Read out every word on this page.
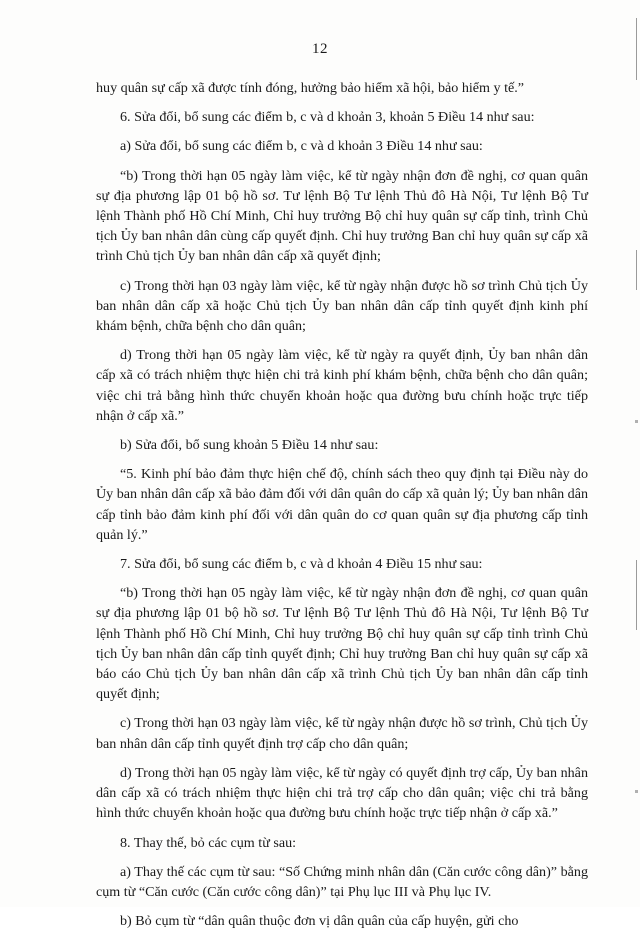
12

huy quân sự cấp xã được tính đóng, hưởng bảo hiểm xã hội, bảo hiểm y tế.”

6. Sửa đổi, bổ sung các điểm b, c và d khoản 3, khoản 5 Điều 14 như sau:

a) Sửa đổi, bổ sung các điểm b, c và d khoản 3 Điều 14 như sau:

“b) Trong thời hạn 05 ngày làm việc, kể từ ngày nhận đơn đề nghị, cơ quan quân sự địa phương lập 01 bộ hồ sơ. Tư lệnh Bộ Tư lệnh Thủ đô Hà Nội, Tư lệnh Bộ Tư lệnh Thành phố Hồ Chí Minh, Chỉ huy trưởng Bộ chỉ huy quân sự cấp tỉnh, trình Chủ tịch Ủy ban nhân dân cùng cấp quyết định. Chỉ huy trưởng Ban chỉ huy quân sự cấp xã trình Chủ tịch Ủy ban nhân dân cấp xã quyết định;

c) Trong thời hạn 03 ngày làm việc, kể từ ngày nhận được hồ sơ trình Chủ tịch Ủy ban nhân dân cấp xã hoặc Chủ tịch Ủy ban nhân dân cấp tỉnh quyết định kinh phí khám bệnh, chữa bệnh cho dân quân;

d) Trong thời hạn 05 ngày làm việc, kể từ ngày ra quyết định, Ủy ban nhân dân cấp xã có trách nhiệm thực hiện chi trả kinh phí khám bệnh, chữa bệnh cho dân quân; việc chi trả bằng hình thức chuyển khoản hoặc qua đường bưu chính hoặc trực tiếp nhận ở cấp xã.”

b) Sửa đổi, bổ sung khoản 5 Điều 14 như sau:

“5. Kinh phí bảo đảm thực hiện chế độ, chính sách theo quy định tại Điều này do Ủy ban nhân dân cấp xã bảo đảm đối với dân quân do cấp xã quản lý; Ủy ban nhân dân cấp tỉnh bảo đảm kinh phí đối với dân quân do cơ quan quân sự địa phương cấp tỉnh quản lý.”

7. Sửa đổi, bổ sung các điểm b, c và d khoản 4 Điều 15 như sau:

“b) Trong thời hạn 05 ngày làm việc, kể từ ngày nhận đơn đề nghị, cơ quan quân sự địa phương lập 01 bộ hồ sơ. Tư lệnh Bộ Tư lệnh Thủ đô Hà Nội, Tư lệnh Bộ Tư lệnh Thành phố Hồ Chí Minh, Chỉ huy trưởng Bộ chỉ huy quân sự cấp tỉnh trình Chủ tịch Ủy ban nhân dân cấp tỉnh quyết định; Chỉ huy trưởng Ban chỉ huy quân sự cấp xã báo cáo Chủ tịch Ủy ban nhân dân cấp xã trình Chủ tịch Ủy ban nhân dân cấp tỉnh quyết định;

c) Trong thời hạn 03 ngày làm việc, kể từ ngày nhận được hồ sơ trình, Chủ tịch Ủy ban nhân dân cấp tỉnh quyết định trợ cấp cho dân quân;

d) Trong thời hạn 05 ngày làm việc, kể từ ngày có quyết định trợ cấp, Ủy ban nhân dân cấp xã có trách nhiệm thực hiện chi trả trợ cấp cho dân quân; việc chi trả bằng hình thức chuyển khoản hoặc qua đường bưu chính hoặc trực tiếp nhận ở cấp xã.”

8. Thay thế, bỏ các cụm từ sau:

a) Thay thế các cụm từ sau: “Số Chứng minh nhân dân (Căn cước công dân)” bằng cụm từ “Căn cước (Căn cước công dân)” tại Phụ lục III và Phụ lục IV.

b) Bỏ cụm từ “dân quân thuộc đơn vị dân quân của cấp huyện, gửi cho
